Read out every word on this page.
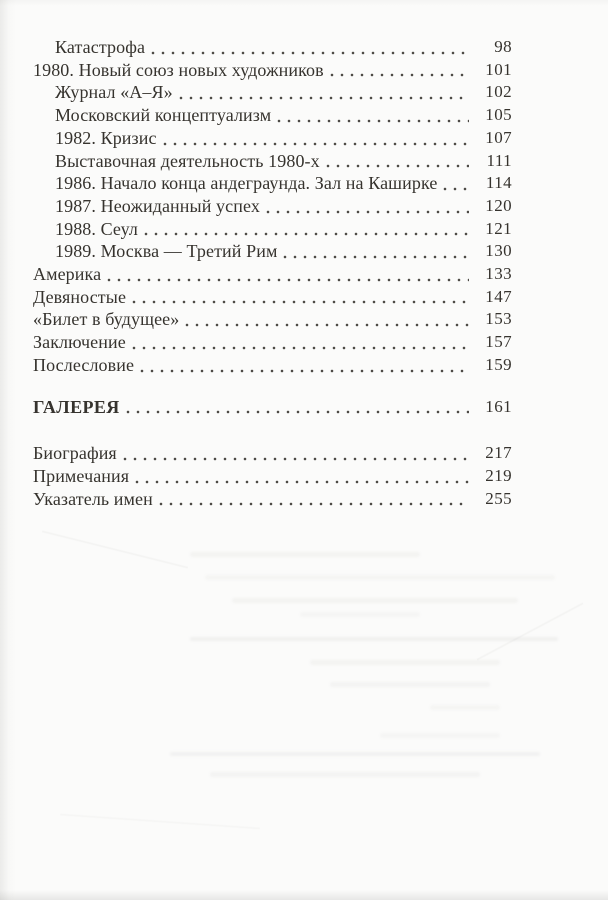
Катастрофа	98
1980. Новый союз новых художников	101
Журнал «А–Я»	102
Московский концептуализм	105
1982. Кризис	107
Выставочная деятельность 1980-х	111
1986. Начало конца андеграунда. Зал на Каширке	114
1987. Неожиданный успех	120
1988. Сеул	121
1989. Москва — Третий Рим	130
Америка	133
Девяностые	147
«Билет в будущее»	153
Заключение	157
Послесловие	159
ГАЛЕРЕЯ	161
Биография	217
Примечания	219
Указатель имен	255
